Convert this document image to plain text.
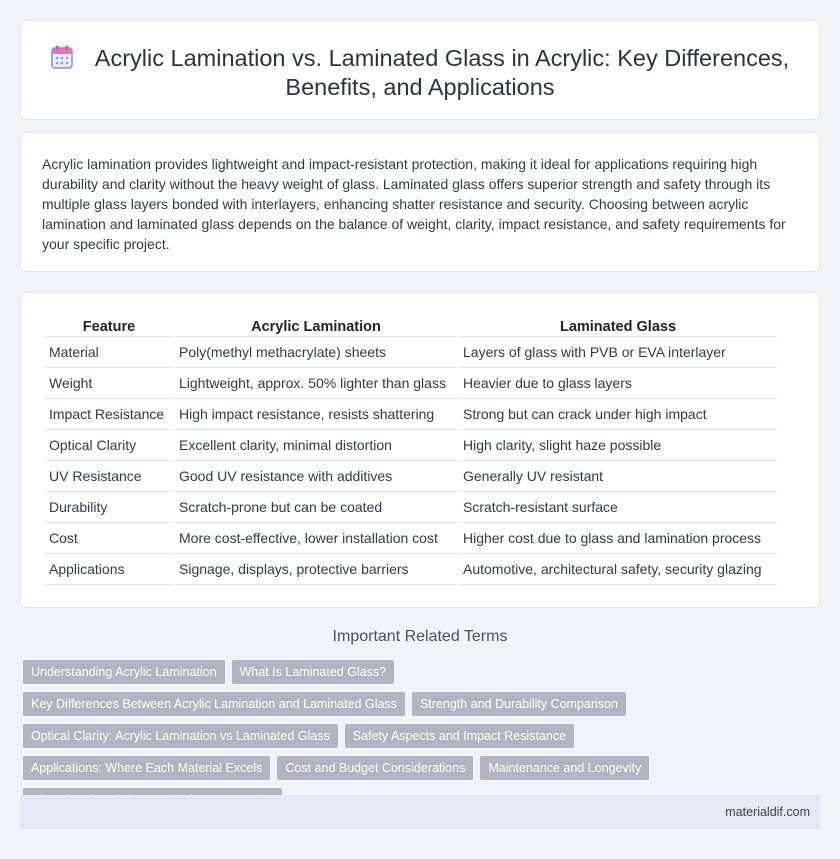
Acrylic Lamination vs. Laminated Glass in Acrylic: Key Differences, Benefits, and Applications

Acrylic lamination provides lightweight and impact-resistant protection, making it ideal for applications requiring high durability and clarity without the heavy weight of glass. Laminated glass offers superior strength and safety through its multiple glass layers bonded with interlayers, enhancing shatter resistance and security. Choosing between acrylic lamination and laminated glass depends on the balance of weight, clarity, impact resistance, and safety requirements for your specific project.

Feature	Acrylic Lamination	Laminated Glass
Material	Poly(methyl methacrylate) sheets	Layers of glass with PVB or EVA interlayer
Weight	Lightweight, approx. 50% lighter than glass	Heavier due to glass layers
Impact Resistance	High impact resistance, resists shattering	Strong but can crack under high impact
Optical Clarity	Excellent clarity, minimal distortion	High clarity, slight haze possible
UV Resistance	Good UV resistance with additives	Generally UV resistant
Durability	Scratch-prone but can be coated	Scratch-resistant surface
Cost	More cost-effective, lower installation cost	Higher cost due to glass and lamination process
Applications	Signage, displays, protective barriers	Automotive, architectural safety, security glazing
Important Related Terms
Understanding Acrylic Lamination	What Is Laminated Glass?
Key Differences Between Acrylic Lamination and Laminated Glass	Strength and Durability Comparison
Optical Clarity: Acrylic Lamination vs Laminated Glass	Safety Aspects and Impact Resistance
Applications: Where Each Material Excels	Cost and Budget Considerations	Maintenance and Longevity
materialdif.com
